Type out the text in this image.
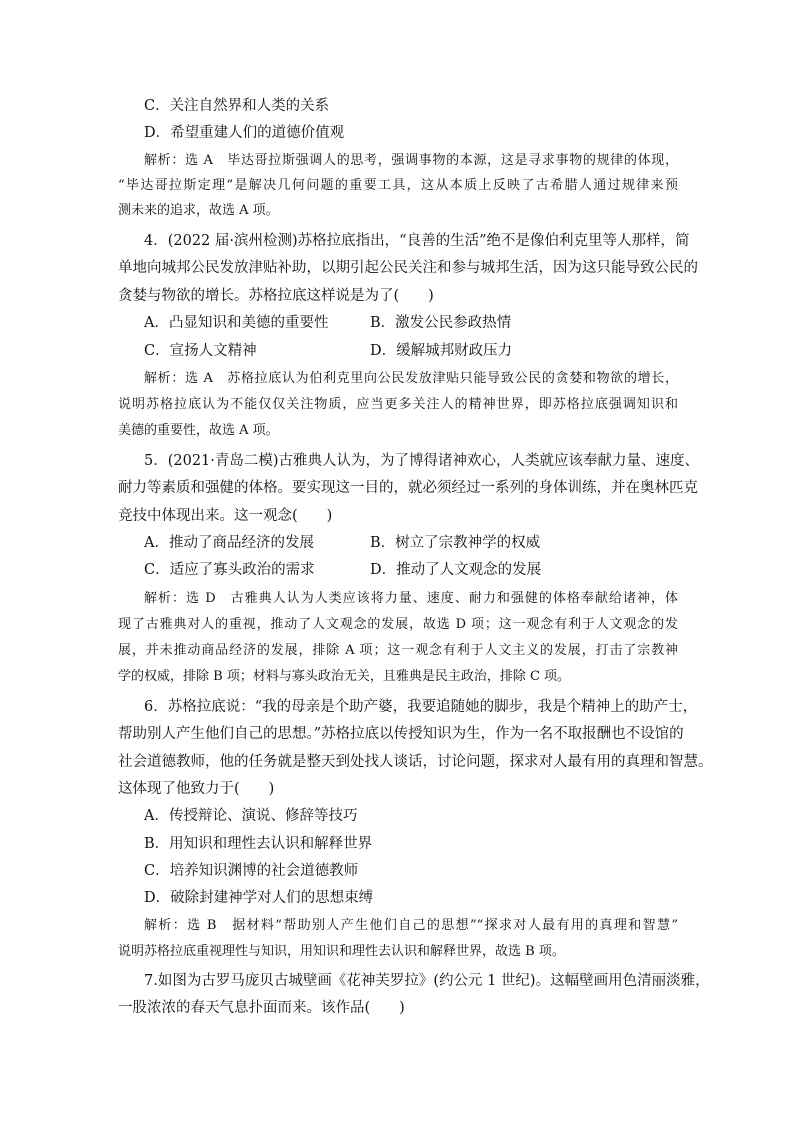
C．关注自然界和人类的关系
D．希望重建人们的道德价值观
解析：选 A　毕达哥拉斯强调人的思考，强调事物的本源，这是寻求事物的规律的体现，
“毕达哥拉斯定理”是解决几何问题的重要工具，这从本质上反映了古希腊人通过规律来预
测未来的追求，故选 A 项。
4．(2022 届·滨州检测)苏格拉底指出，“良善的生活”绝不是像伯利克里等人那样，简
单地向城邦公民发放津贴补助，以期引起公民关注和参与城邦生活，因为这只能导致公民的
贪婪与物欲的增长。苏格拉底这样说是为了(　　)
A．凸显知识和美德的重要性	B．激发公民参政热情
C．宣扬人文精神	D．缓解城邦财政压力
解析：选 A　苏格拉底认为伯利克里向公民发放津贴只能导致公民的贪婪和物欲的增长，
说明苏格拉底认为不能仅仅关注物质，应当更多关注人的精神世界，即苏格拉底强调知识和
美德的重要性，故选 A 项。
5．(2021·青岛二模)古雅典人认为，为了博得诸神欢心，人类就应该奉献力量、速度、
耐力等素质和强健的体格。要实现这一目的，就必须经过一系列的身体训练，并在奥林匹克
竞技中体现出来。这一观念(　　)
A．推动了商品经济的发展	B．树立了宗教神学的权威
C．适应了寡头政治的需求	D．推动了人文观念的发展
解析：选 D　古雅典人认为人类应该将力量、速度、耐力和强健的体格奉献给诸神，体
现了古雅典对人的重视，推动了人文观念的发展，故选 D 项；这一观念有利于人文观念的发
展，并未推动商品经济的发展，排除 A 项；这一观念有利于人文主义的发展，打击了宗教神
学的权威，排除 B 项；材料与寡头政治无关，且雅典是民主政治，排除 C 项。
6．苏格拉底说：“我的母亲是个助产婆，我要追随她的脚步，我是个精神上的助产士，
帮助别人产生他们自己的思想。”苏格拉底以传授知识为生，作为一名不取报酬也不设馆的
社会道德教师，他的任务就是整天到处找人谈话，讨论问题，探求对人最有用的真理和智慧。
这体现了他致力于(　　)
A．传授辩论、演说、修辞等技巧
B．用知识和理性去认识和解释世界
C．培养知识渊博的社会道德教师
D．破除封建神学对人们的思想束缚
解析：选 B　据材料“帮助别人产生他们自己的思想”“探求对人最有用的真理和智慧”
说明苏格拉底重视理性与知识，用知识和理性去认识和解释世界，故选 B 项。
7.如图为古罗马庞贝古城壁画《花神芙罗拉》(约公元 1 世纪)。这幅壁画用色清丽淡雅，
一股浓浓的春天气息扑面而来。该作品(　　)
